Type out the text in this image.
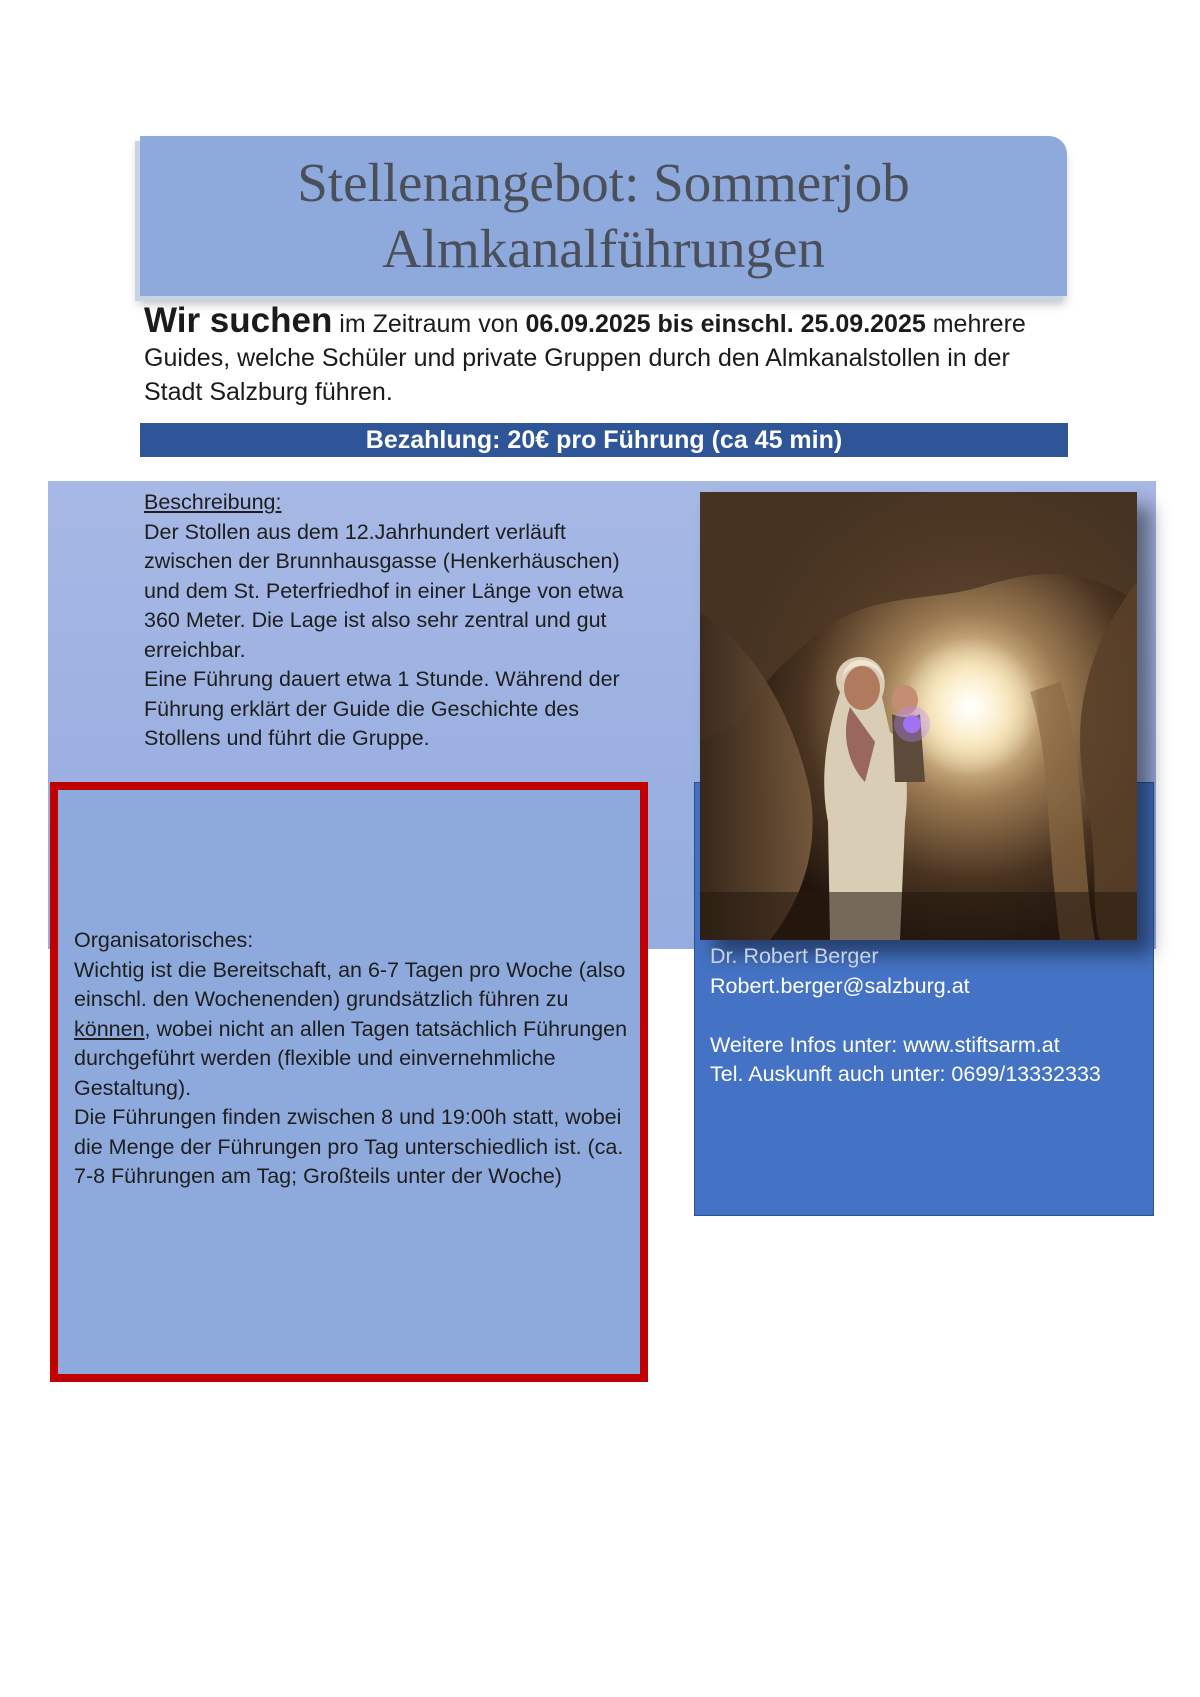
Stellenangebot: Sommerjob
Almkanalführungen
Wir suchen im Zeitraum von 06.09.2025 bis einschl. 25.09.2025 mehrere Guides, welche Schüler und private Gruppen durch den Almkanalstollen in der Stadt Salzburg führen.
Bezahlung: 20€ pro Führung (ca 45 min)
Beschreibung:
Der Stollen aus dem 12.Jahrhundert verläuft zwischen der Brunnhausgasse (Henkerhäuschen) und dem St. Peterfriedhof in einer Länge von etwa 360 Meter. Die Lage ist also sehr zentral und gut erreichbar.
Eine Führung dauert etwa 1 Stunde. Während der Führung erklärt der Guide die Geschichte des Stollens und führt die Gruppe.
Dr. Robert Berger
Robert.berger@salzburg.at
Weitere Infos unter: www.stiftsarm.at
Tel. Auskunft auch unter: 0699/13332333
Organisatorisches:
Wichtig ist die Bereitschaft, an 6-7 Tagen pro Woche (also einschl. den Wochenenden) grundsätzlich führen zu können, wobei nicht an allen Tagen tatsächlich Führungen durchgeführt werden (flexible und einvernehmliche Gestaltung).
Die Führungen finden zwischen 8 und 19:00h statt, wobei die Menge der Führungen pro Tag unterschiedlich ist. (ca. 7-8 Führungen am Tag; Großteils unter der Woche)
